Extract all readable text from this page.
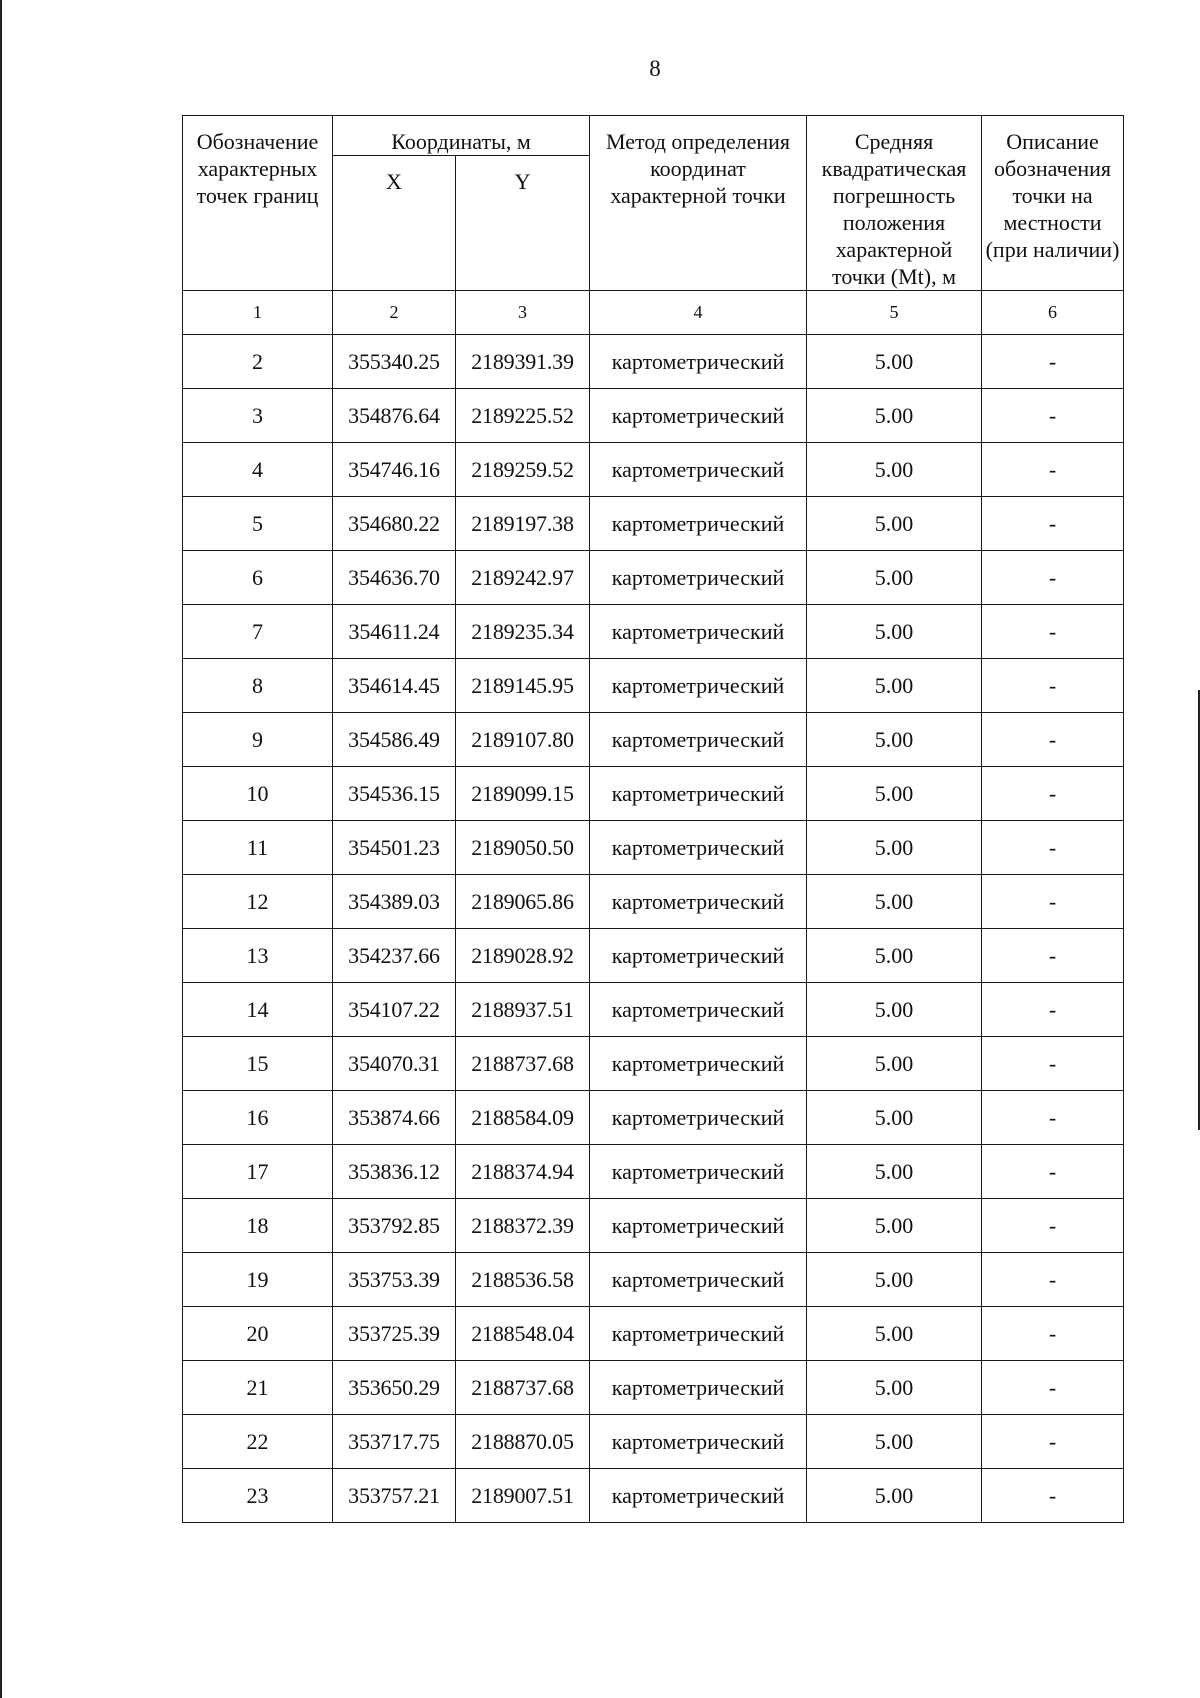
8
Обозначение характерных точек границ	Координаты, м		Метод определения координат характерной точки	Средняя квадратическая погрешность положения характерной точки (Mt), м	Описание обозначения точки на местности (при наличии)
	X	Y			
1	2	3	4	5	6
2	355340.25	2189391.39	картометрический	5.00	-
3	354876.64	2189225.52	картометрический	5.00	-
4	354746.16	2189259.52	картометрический	5.00	-
5	354680.22	2189197.38	картометрический	5.00	-
6	354636.70	2189242.97	картометрический	5.00	-
7	354611.24	2189235.34	картометрический	5.00	-
8	354614.45	2189145.95	картометрический	5.00	-
9	354586.49	2189107.80	картометрический	5.00	-
10	354536.15	2189099.15	картометрический	5.00	-
11	354501.23	2189050.50	картометрический	5.00	-
12	354389.03	2189065.86	картометрический	5.00	-
13	354237.66	2189028.92	картометрический	5.00	-
14	354107.22	2188937.51	картометрический	5.00	-
15	354070.31	2188737.68	картометрический	5.00	-
16	353874.66	2188584.09	картометрический	5.00	-
17	353836.12	2188374.94	картометрический	5.00	-
18	353792.85	2188372.39	картометрический	5.00	-
19	353753.39	2188536.58	картометрический	5.00	-
20	353725.39	2188548.04	картометрический	5.00	-
21	353650.29	2188737.68	картометрический	5.00	-
22	353717.75	2188870.05	картометрический	5.00	-
23	353757.21	2189007.51	картометрический	5.00	-
